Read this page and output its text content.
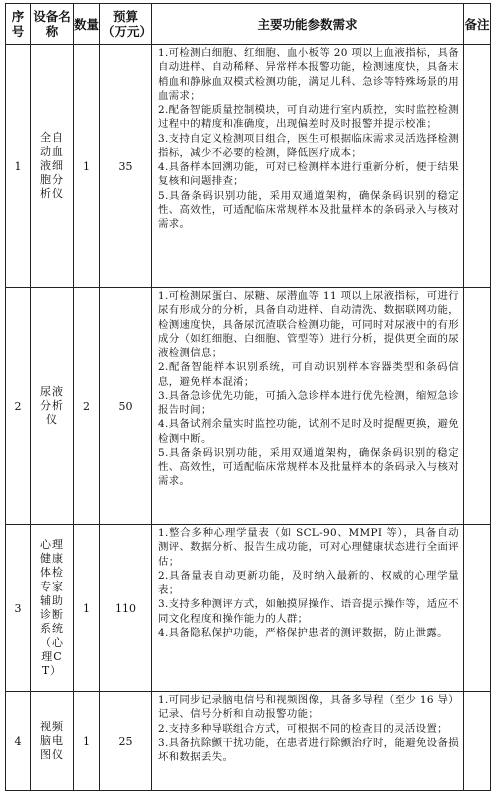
序号	设备名称	数量	预算（万元）	主要功能参数需求	备注
1	全自动血液细胞分析仪	1	35	1.可检测白细胞、红细胞、血小板等 20 项以上血液指标，具备自动进样、自动稀释、异常样本报警功能，检测速度快，具备末梢血和静脉血双模式检测功能，满足儿科、急诊等特殊场景的用血需求；

2.配备智能质量控制模块，可自动进行室内质控，实时监控检测过程中的精度和准确度，出现偏差时及时报警并提示校准；

3.支持自定义检测项目组合，医生可根据临床需求灵活选择检测指标，减少不必要的检测，降低医疗成本；

4.具备样本回溯功能，可对已检测样本进行重新分析，便于结果复核和问题排查；

5.具备条码识别功能，采用双通道架构，确保条码识别的稳定性、高效性，可适配临床常规样本及批量样本的条码录入与核对需求。	

2	尿液分析仪	2	50	1.可检测尿蛋白、尿糖、尿潜血等 11 项以上尿液指标，可进行尿有形成分的分析，具备自动进样、自动清洗、数据联网功能，检测速度快，具备尿沉渣联合检测功能，可同时对尿液中的有形成分（如红细胞、白细胞、管型等）进行分析，提供更全面的尿液检测信息；

2.配备智能样本识别系统，可自动识别样本容器类型和条码信息，避免样本混淆；

3.具备急诊优先功能，可插入急诊样本进行优先检测，缩短急诊报告时间；

4.具备试剂余量实时监控功能，试剂不足时及时提醒更换，避免检测中断。

5.具备条码识别功能，采用双通道架构，确保条码识别的稳定性、高效性，可适配临床常规样本及批量样本的条码录入与核对需求。	

3	心理健康体检专家辅助诊断系统（心理CT）	1	110	1.整合多种心理学量表（如 SCL-90、MMPI 等），具备自动测评、数据分析、报告生成功能，可对心理健康状态进行全面评估；

2.具备量表自动更新功能，及时纳入最新的、权威的心理学量表；

3.支持多种测评方式，如触摸屏操作、语音提示操作等，适应不同文化程度和操作能力的人群；

4.具备隐私保护功能，严格保护患者的测评数据，防止泄露。	

4	视频脑电图仪	1	25	1.可同步记录脑电信号和视频图像，具备多导程（至少 16 导）记录、信号分析和自动报警功能；

2.支持多种导联组合方式，可根据不同的检查目的灵活设置；

3.具备抗除颤干扰功能，在患者进行除颤治疗时，能避免设备损坏和数据丢失。	
